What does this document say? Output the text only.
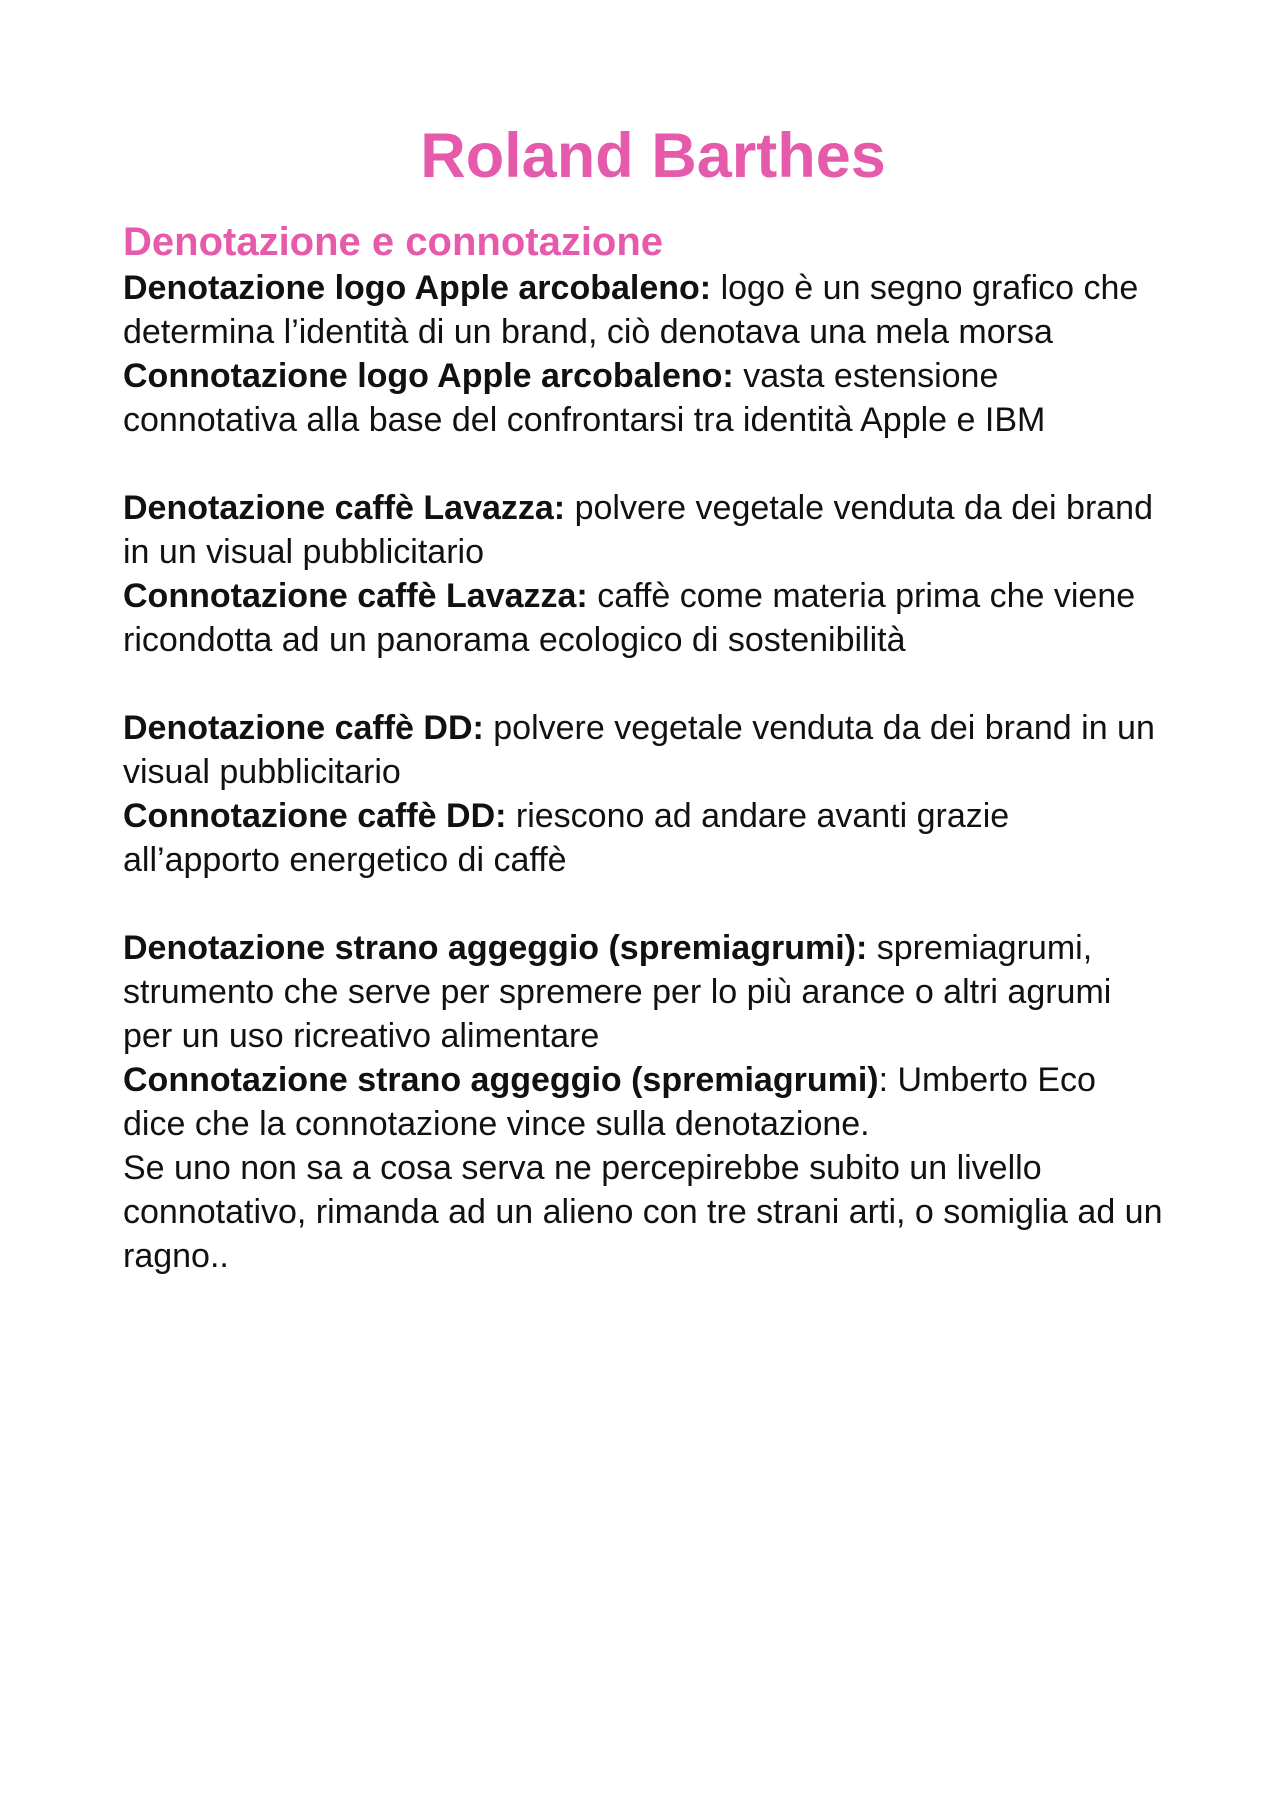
Roland Barthes
Denotazione e connotazione

Denotazione logo Apple arcobaleno: logo è un segno grafico che determina l’identità di un brand, ciò denotava una mela morsa

Connotazione logo Apple arcobaleno: vasta estensione connotativa alla base del confrontarsi tra identità Apple e IBM

Denotazione caffè Lavazza: polvere vegetale venduta da dei brand in un visual pubblicitario

Connotazione caffè Lavazza: caffè come materia prima che viene ricondotta ad un panorama ecologico di sostenibilità

Denotazione caffè DD: polvere vegetale venduta da dei brand in un visual pubblicitario

Connotazione caffè DD: riescono ad andare avanti grazie all’apporto energetico di caffè

Denotazione strano aggeggio (spremiagrumi): spremiagrumi, strumento che serve per spremere per lo più arance o altri agrumi per un uso ricreativo alimentare

Connotazione strano aggeggio (spremiagrumi): Umberto Eco dice che la connotazione vince sulla denotazione.

Se uno non sa a cosa serva ne percepirebbe subito un livello connotativo, rimanda ad un alieno con tre strani arti, o somiglia ad un ragno..
